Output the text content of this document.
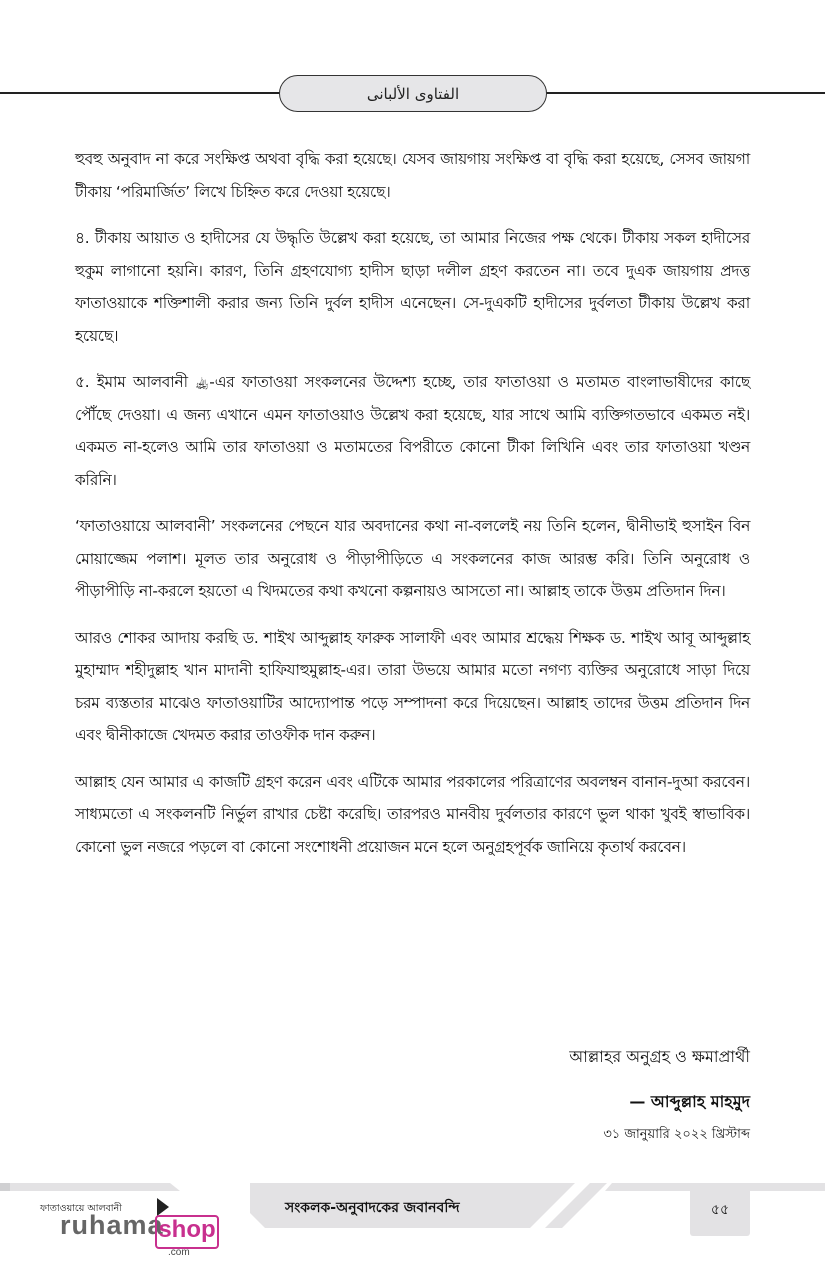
الفتاوى الألبانى

হুবহু অনুবাদ না করে সংক্ষিপ্ত অথবা বৃদ্ধি করা হয়েছে। যেসব জায়গায় সংক্ষিপ্ত বা বৃদ্ধি করা হয়েছে, সেসব জায়গা টীকায় ‘পরিমার্জিত’ লিখে চিহ্নিত করে দেওয়া হয়েছে।

৪. টীকায় আয়াত ও হাদীসের যে উদ্ধৃতি উল্লেখ করা হয়েছে, তা আমার নিজের পক্ষ থেকে। টীকায় সকল হাদীসের হুকুম লাগানো হয়নি। কারণ, তিনি গ্রহণযোগ্য হাদীস ছাড়া দলীল গ্রহণ করতেন না। তবে দুএক জায়গায় প্রদত্ত ফাতাওয়াকে শক্তিশালী করার জন্য তিনি দুর্বল হাদীস এনেছেন। সে-দুএকটি হাদীসের দুর্বলতা টীকায় উল্লেখ করা হয়েছে।

৫. ইমাম আলবানী ﵀-এর ফাতাওয়া সংকলনের উদ্দেশ্য হচ্ছে, তার ফাতাওয়া ও মতামত বাংলাভাষীদের কাছে পৌঁছে দেওয়া। এ জন্য এখানে এমন ফাতাওয়াও উল্লেখ করা হয়েছে, যার সাথে আমি ব্যক্তিগতভাবে একমত নই। একমত না-হলেও আমি তার ফাতাওয়া ও মতামতের বিপরীতে কোনো টীকা লিখিনি এবং তার ফাতাওয়া খণ্ডন করিনি।

‘ফাতাওয়ায়ে আলবানী’ সংকলনের পেছনে যার অবদানের কথা না-বললেই নয় তিনি হলেন, দ্বীনীভাই হুসাইন বিন মোয়াজ্জেম পলাশ। মূলত তার অনুরোধ ও পীড়াপীড়িতে এ সংকলনের কাজ আরম্ভ করি। তিনি অনুরোধ ও পীড়াপীড়ি না-করলে হয়তো এ খিদমতের কথা কখনো কল্পনায়ও আসতো না। আল্লাহ তাকে উত্তম প্রতিদান দিন।

আরও শোকর আদায় করছি ড. শাইখ আব্দুল্লাহ ফারুক সালাফী এবং আমার শ্রদ্ধেয় শিক্ষক ড. শাইখ আবূ আব্দুল্লাহ মুহাম্মাদ শহীদুল্লাহ খান মাদানী হাফিযাহুমুল্লাহ-এর। তারা উভয়ে আমার মতো নগণ্য ব্যক্তির অনুরোধে সাড়া দিয়ে চরম ব্যস্ততার মাঝেও ফাতাওয়াটির আদ্যোপান্ত পড়ে সম্পাদনা করে দিয়েছেন। আল্লাহ তাদের উত্তম প্রতিদান দিন এবং দ্বীনীকাজে খেদমত করার তাওফীক দান করুন।

আল্লাহ যেন আমার এ কাজটি গ্রহণ করেন এবং এটিকে আমার পরকালের পরিত্রাণের অবলম্বন বানান-দুআ করবেন। সাধ্যমতো এ সংকলনটি নির্ভুল রাখার চেষ্টা করেছি। তারপরও মানবীয় দুর্বলতার কারণে ভুল থাকা খুবই স্বাভাবিক। কোনো ভুল নজরে পড়লে বা কোনো সংশোধনী প্রয়োজন মনে হলে অনুগ্রহপূর্বক জানিয়ে কৃতার্থ করবেন।

আল্লাহর অনুগ্রহ ও ক্ষমাপ্রার্থী
— আব্দুল্লাহ মাহমুদ
৩১ জানুয়ারি ২০২২ খ্রিস্টাব্দ
সংকলক-অনুবাদকের জবানবন্দি	৫৫
ফাতাওয়ায়ে আলবানী
ruhama
shop
.com
